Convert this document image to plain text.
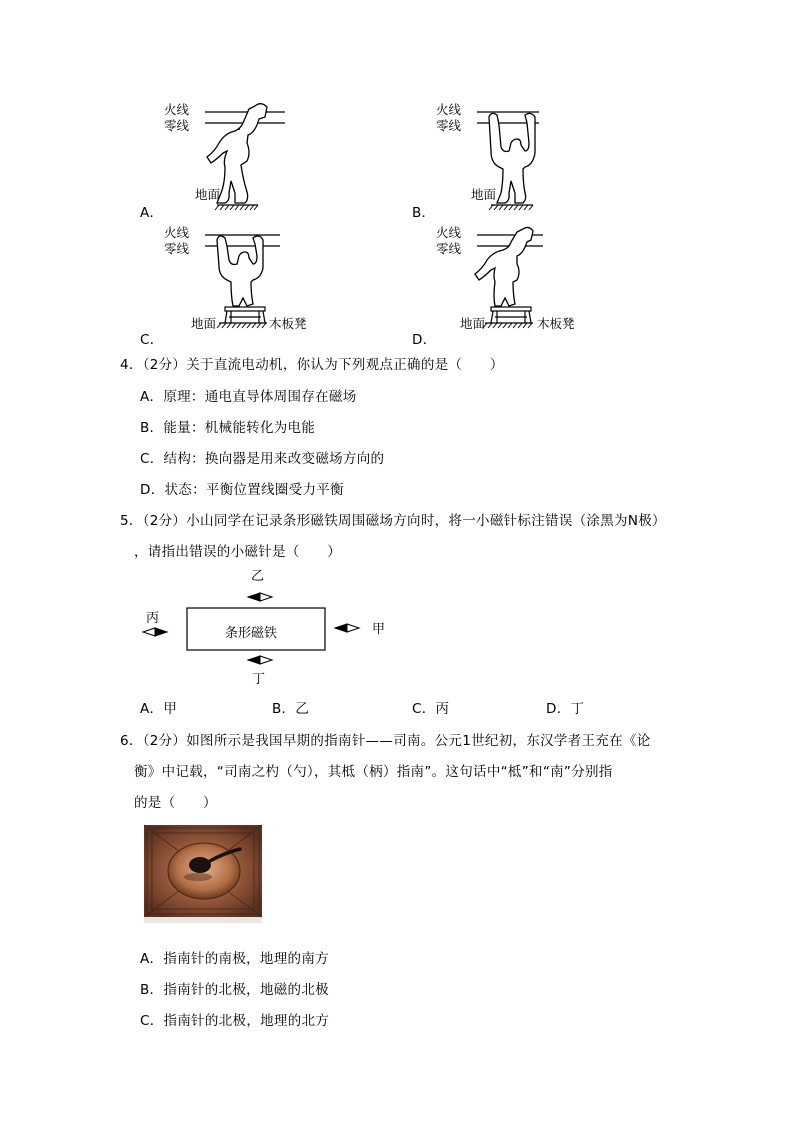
火线
零线
地面
A．
火线
零线
地面
B．
火线
零线
地面	木板凳
C．
火线
零线
地面	木板凳
D．
4．（2分）关于直流电动机，你认为下列观点正确的是（　　）
A．原理：通电直导体周围存在磁场
B．能量：机械能转化为电能
C．结构：换向器是用来改变磁场方向的
D．状态：平衡位置线圈受力平衡
5．（2分）小山同学在记录条形磁铁周围磁场方向时，将一小磁针标注错误（涂黑为N极）
，请指出错误的小磁针是（　　）
条形磁铁
乙
甲
丙
丁
A．甲	B．乙	C．丙	D．丁
6．（2分）如图所示是我国早期的指南针——司南。公元1世纪初，东汉学者王充在《论
衡》中记载，“司南之杓（勺），其柢（柄）指南”。这句话中“柢”和“南”分别指
的是（　　）
A．指南针的南极，地理的南方
B．指南针的北极，地磁的北极
C．指南针的北极，地理的北方
